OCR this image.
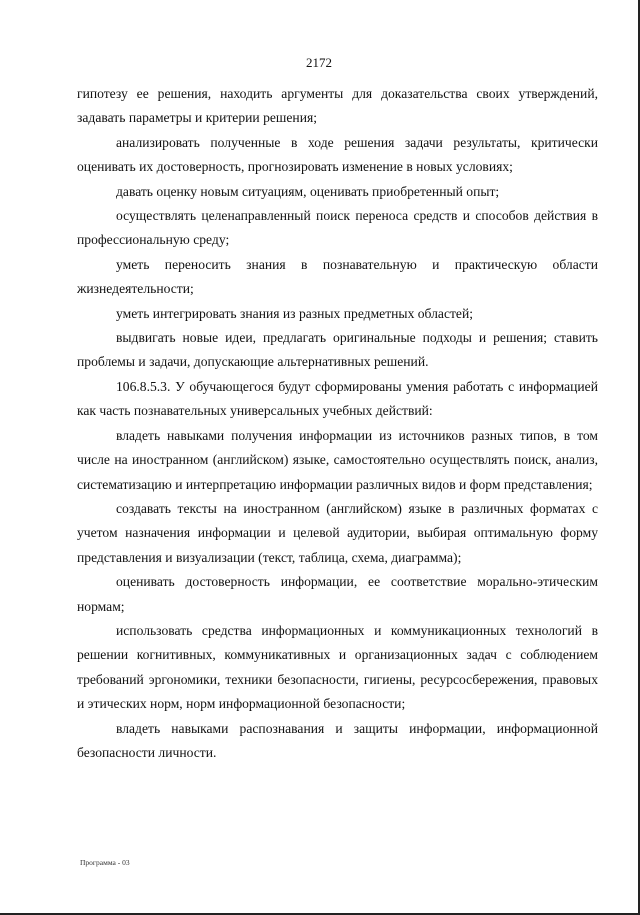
2172

гипотезу ее решения, находить аргументы для доказательства своих утверждений, задавать параметры и критерии решения;

анализировать полученные в ходе решения задачи результаты, критически оценивать их достоверность, прогнозировать изменение в новых условиях;

давать оценку новым ситуациям, оценивать приобретенный опыт;

осуществлять целенаправленный поиск переноса средств и способов действия в профессиональную среду;

уметь переносить знания в познавательную и практическую области жизнедеятельности;

уметь интегрировать знания из разных предметных областей;

выдвигать новые идеи, предлагать оригинальные подходы и решения; ставить проблемы и задачи, допускающие альтернативных решений.

106.8.5.3. У обучающегося будут сформированы умения работать с информацией как часть познавательных универсальных учебных действий:

владеть навыками получения информации из источников разных типов, в том числе на иностранном (английском) языке, самостоятельно осуществлять поиск, анализ, систематизацию и интерпретацию информации различных видов и форм представления;

создавать тексты на иностранном (английском) языке в различных форматах с учетом назначения информации и целевой аудитории, выбирая оптимальную форму представления и визуализации (текст, таблица, схема, диаграмма);

оценивать достоверность информации, ее соответствие морально-этическим нормам;

использовать средства информационных и коммуникационных технологий в решении когнитивных, коммуникативных и организационных задач с соблюдением требований эргономики, техники безопасности, гигиены, ресурсосбережения, правовых и этических норм, норм информационной безопасности;

владеть навыками распознавания и защиты информации, информационной безопасности личности.

Программа - 03
